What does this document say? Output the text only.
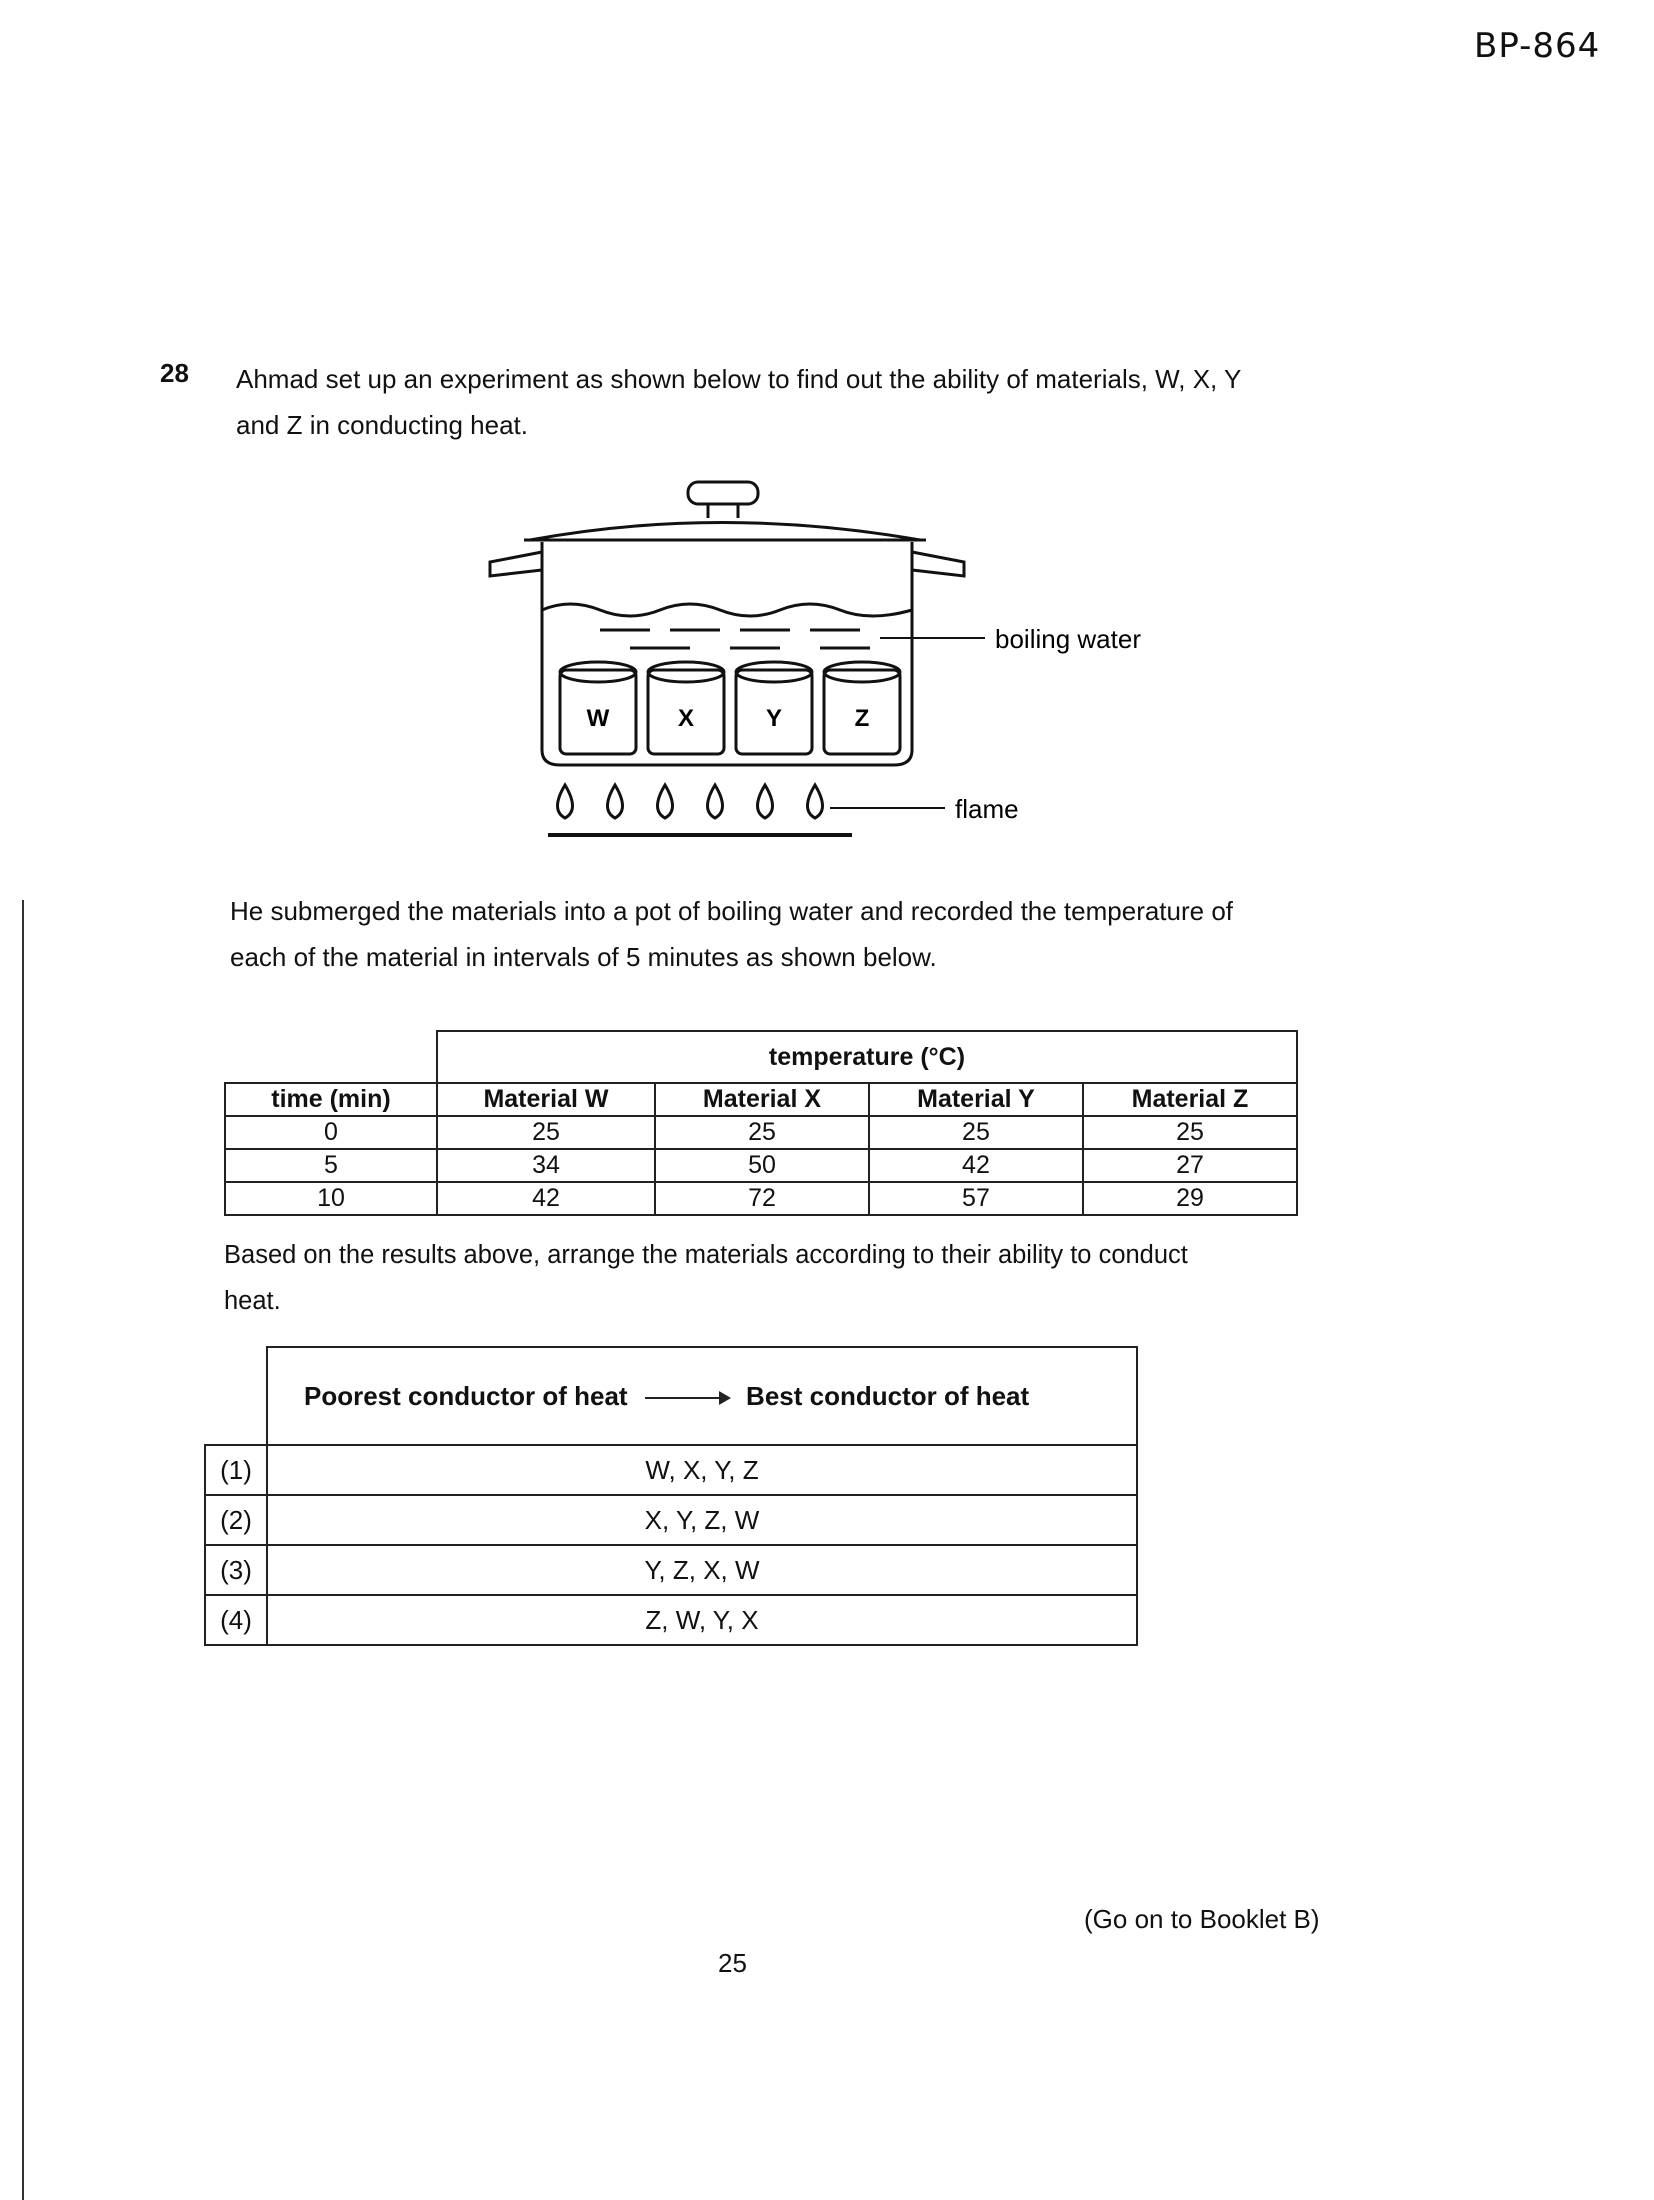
BP-864
28 Ahmad set up an experiment as shown below to find out the ability of materials, W, X, Y
and Z in conducting heat.
W	X	Y	Z
boiling water
flame
He submerged the materials into a pot of boiling water and recorded the temperature of
each of the material in intervals of 5 minutes as shown below.
	temperature (°C)			
time (min)	Material W	Material X	Material Y	Material Z
0	25	25	25	25
5	34	50	42	27
10	42	72	57	29
Based on the results above, arrange the materials according to their ability to conduct
heat.
	Poorest conductor of heat Best conductor of heat
(1)	W, X, Y, Z
(2)	X, Y, Z, W
(3)	Y, Z, X, W
(4)	Z, W, Y, X
(Go on to Booklet B)
25
